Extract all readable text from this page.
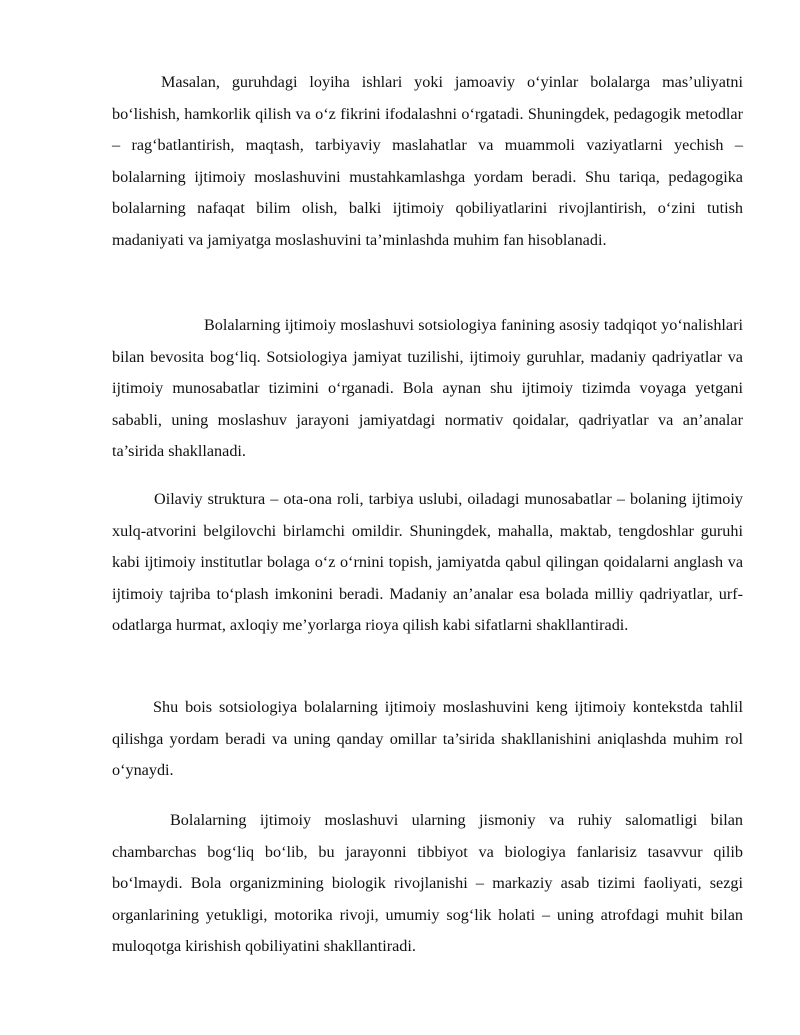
Masalan, guruhdagi loyiha ishlari yoki jamoaviy o‘yinlar bolalarga mas’uliyatni bo‘lishish, hamkorlik qilish va o‘z fikrini ifodalashni o‘rgatadi. Shuningdek, pedagogik metodlar – rag‘batlantirish, maqtash, tarbiyaviy maslahatlar va muammoli vaziyatlarni yechish – bolalarning ijtimoiy moslashuvini mustahkamlashga yordam beradi. Shu tariqa, pedagogika bolalarning nafaqat bilim olish, balki ijtimoiy qobiliyatlarini rivojlantirish, o‘zini tutish madaniyati va jamiyatga moslashuvini ta’minlashda muhim fan hisoblanadi.

Bolalarning ijtimoiy moslashuvi sotsiologiya fanining asosiy tadqiqot yo‘nalishlari bilan bevosita bog‘liq. Sotsiologiya jamiyat tuzilishi, ijtimoiy guruhlar, madaniy qadriyatlar va ijtimoiy munosabatlar tizimini o‘rganadi. Bola aynan shu ijtimoiy tizimda voyaga yetgani sababli, uning moslashuv jarayoni jamiyatdagi normativ qoidalar, qadriyatlar va an’analar ta’sirida shakllanadi.

Oilaviy struktura – ota-ona roli, tarbiya uslubi, oiladagi munosabatlar – bolaning ijtimoiy xulq-atvorini belgilovchi birlamchi omildir. Shuningdek, mahalla, maktab, tengdoshlar guruhi kabi ijtimoiy institutlar bolaga o‘z o‘rnini topish, jamiyatda qabul qilingan qoidalarni anglash va ijtimoiy tajriba to‘plash imkonini beradi. Madaniy an’analar esa bolada milliy qadriyatlar, urf-odatlarga hurmat, axloqiy me’yorlarga rioya qilish kabi sifatlarni shakllantiradi.

Shu bois sotsiologiya bolalarning ijtimoiy moslashuvini keng ijtimoiy kontekstda tahlil qilishga yordam beradi va uning qanday omillar ta’sirida shakllanishini aniqlashda muhim rol o‘ynaydi.

Bolalarning ijtimoiy moslashuvi ularning jismoniy va ruhiy salomatligi bilan chambarchas bog‘liq bo‘lib, bu jarayonni tibbiyot va biologiya fanlarisiz tasavvur qilib bo‘lmaydi. Bola organizmining biologik rivojlanishi – markaziy asab tizimi faoliyati, sezgi organlarining yetukligi, motorika rivoji, umumiy sog‘lik holati – uning atrofdagi muhit bilan muloqotga kirishish qobiliyatini shakllantiradi.
